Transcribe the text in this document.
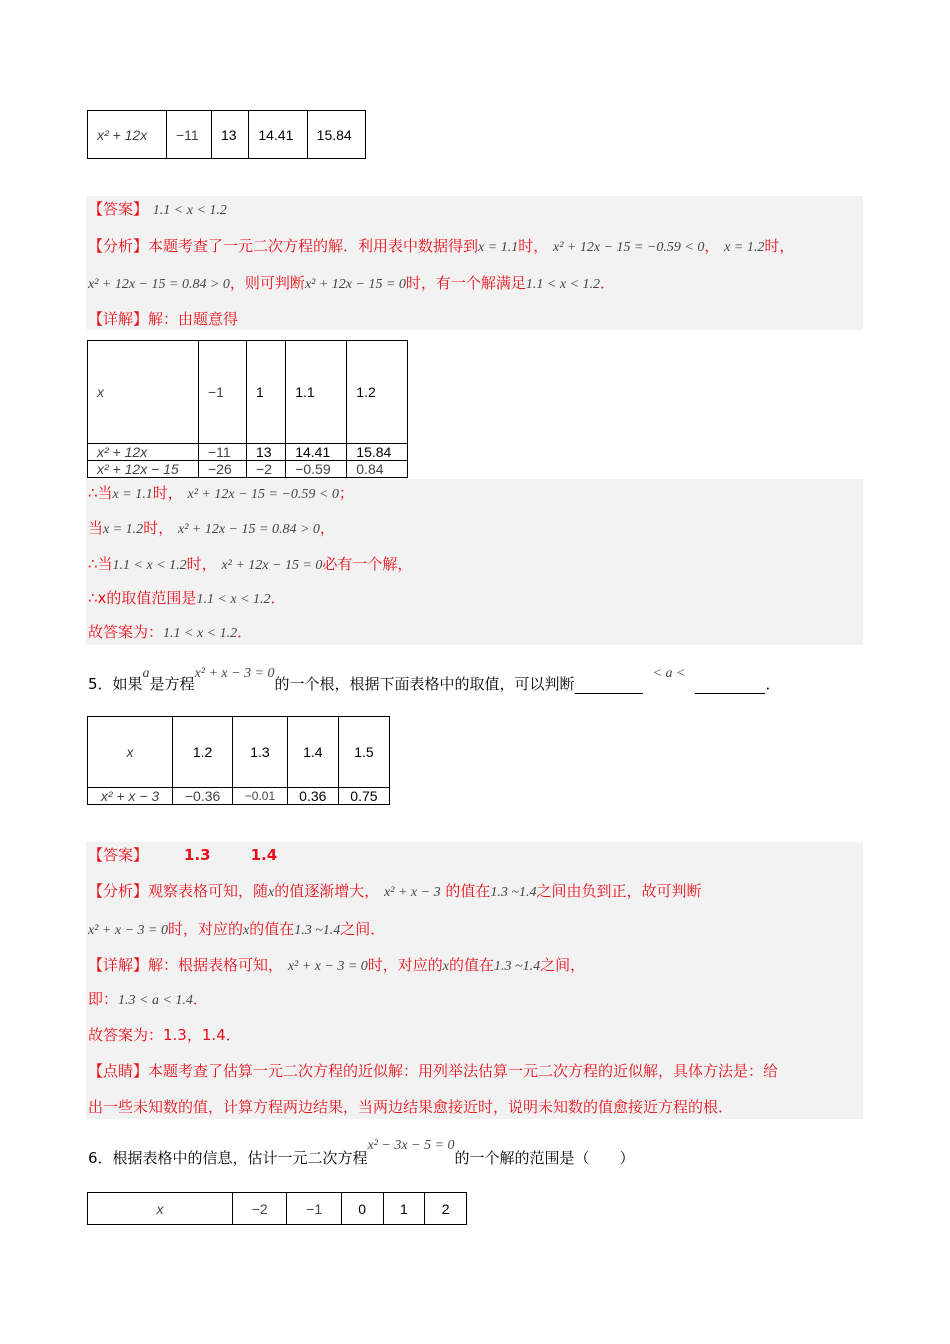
x² + 12x	−11	13	14.41	15.84
【答案】 1.1 < x < 1.2
【分析】本题考查了一元二次方程的解．利用表中数据得到x = 1.1时， x² + 12x − 15 = −0.59 < 0， x = 1.2时，
x² + 12x − 15 = 0.84 > 0，则可判断x² + 12x − 15 = 0时，有一个解满足1.1 < x < 1.2．
【详解】解：由题意得
x	−1	1	1.1	1.2
x² + 12x	−11	13	14.41	15.84
x² + 12x − 15	−26	−2	−0.59	0.84
∴当x = 1.1时， x² + 12x − 15 = −0.59 < 0；
当x = 1.2时， x² + 12x − 15 = 0.84 > 0，
∴当1.1 < x < 1.2时， x² + 12x − 15 = 0必有一个解，
∴x的取值范围是1.1 < x < 1.2．
故答案为：1.1 < x < 1.2．
5．如果a是方程x² + x − 3 = 0的一个根，根据下面表格中的取值，可以判断< a <．
x	1.2	1.3	1.4	1.5
x² + x − 3	−0.36	−0.01	0.36	0.75
【答案】 1.3	1.4
【分析】观察表格可知，随x的值逐渐增大， x² + x − 3 的值在1.3 ~1.4之间由负到正，故可判断
x² + x − 3 = 0时，对应的x的值在1.3 ~1.4之间．
【详解】解：根据表格可知， x² + x − 3 = 0时，对应的x的值在1.3 ~1.4之间，
即：1.3 < a < 1.4．
故答案为：1.3，1.4．
【点睛】本题考查了估算一元二次方程的近似解：用列举法估算一元二次方程的近似解，具体方法是：给
出一些未知数的值，计算方程两边结果，当两边结果愈接近时，说明未知数的值愈接近方程的根．
6．根据表格中的信息，估计一元二次方程x² − 3x − 5 = 0的一个解的范围是（　　）
x	−2	−1	0	1	2
